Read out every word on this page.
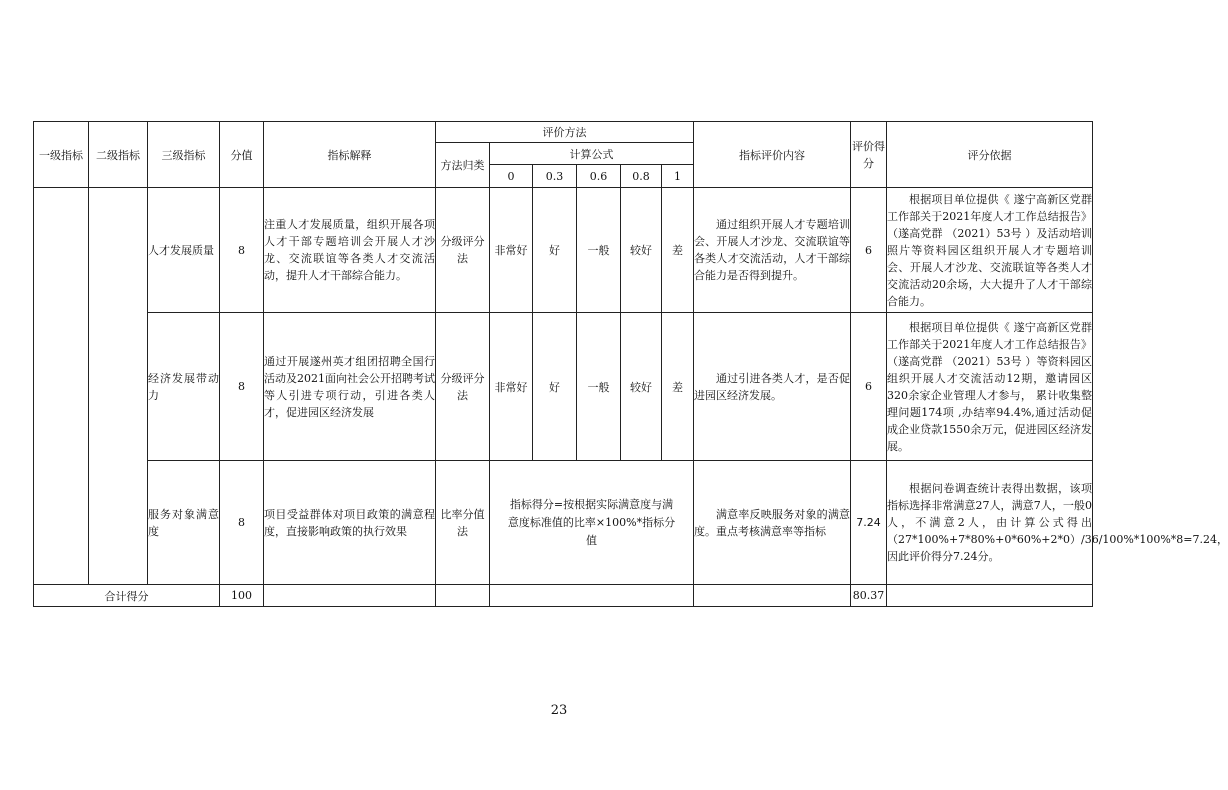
一级指标	二级指标	三级指标	分值	指标解释	评价方法						指标评价内容	评价得分	评分依据
					方法归类	计算公式							
						0	0.3	0.6	0.8	1			
		人才发展质量	8	注重人才发展质量，组织开展各项人才干部专题培训会开展人才沙龙、交流联谊等各类人才交流活动，提升人才干部综合能力。	分级评分法	非常好	好	一般	较好	差	通过组织开展人才专题培训会、开展人才沙龙、交流联谊等各类人才交流活动，人才干部综合能力是否得到提升。	6	根据项目单位提供《 遂宁高新区党群工作部关于2021年度人才工作总结报告》（遂高党群 （2021）53号 ）及活动培训照片等资料园区组织开展人才专题培训会、开展人才沙龙、交流联谊等各类人才交流活动20余场，大大提升了人才干部综合能力。
		经济发展带动力	8	通过开展遂州英才组团招聘全国行活动及2021面向社会公开招聘考试等人引进专项行动，引进各类人才，促进园区经济发展	分级评分法	非常好	好	一般	较好	差	通过引进各类人才，是否促进园区经济发展。	6	根据项目单位提供《 遂宁高新区党群工作部关于2021年度人才工作总结报告》（遂高党群 （2021）53号 ）等资料园区组织开展人才交流活动12期，邀请园区320余家企业管理人才参与， 累计收集整理问题174项 ,办结率94.4%,通过活动促成企业贷款1550余万元，促进园区经济发展。
		服务对象满意度	8	项目受益群体对项目政策的满意程度，直接影响政策的执行效果	比率分值法	指标得分=按根据实际满意度与满意度标准值的比率×100%*指标分值					满意率反映服务对象的满意度。重点考核满意率等指标	7.24	根据问卷调查统计表得出数据，该项指标选择非常满意27人，满意7人，一般0人，不满意2人，由计算公式得出（27*100%+7*80%+0*60%+2*0）/36/100%*100%*8=7.24，因此评价得分7.24分。
合计得分			100									80.37	
23
